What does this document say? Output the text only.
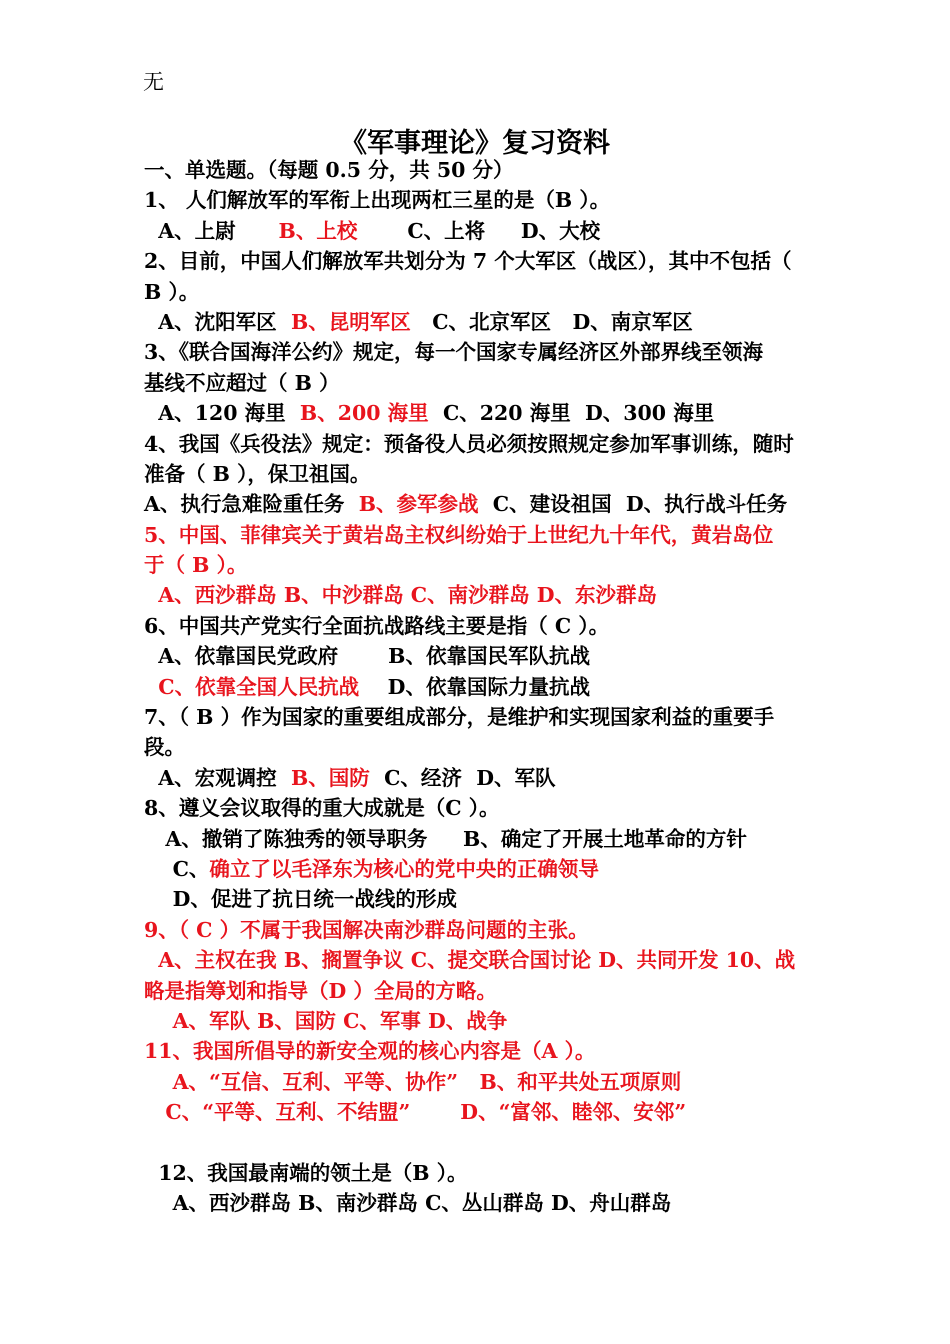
无
《军事理论》复习资料
一、单选题。（每题 0.5 分，共 50 分）
1、 人们解放军的军衔上出现两杠三星的是（B ）。
A、上尉 B、上校 C、上将 D、大校
2、目前，中国人们解放军共划分为 7 个大军区（战区），其中不包括（
B ）。
A、沈阳军区 B、昆明军区 C、北京军区 D、南京军区
3、《联合国海洋公约》规定，每一个国家专属经济区外部界线至领海
基线不应超过（ B ）
A、120 海里 B、200 海里 C、220 海里 D、300 海里
4、我国《兵役法》规定：预备役人员必须按照规定参加军事训练，随时
准备（ B ），保卫祖国。
A、执行急难险重任务 B、参军参战 C、建设祖国 D、执行战斗任务
5、中国、菲律宾关于黄岩岛主权纠纷始于上世纪九十年代，黄岩岛位
于（ B ）。
A、西沙群岛 B、中沙群岛 C、南沙群岛 D、东沙群岛
6、中国共产党实行全面抗战路线主要是指（ C ）。
A、依靠国民党政府 B、依靠国民军队抗战
C、依靠全国人民抗战 D、依靠国际力量抗战
7、（ B ）作为国家的重要组成部分，是维护和实现国家利益的重要手
段。
A、宏观调控 B、国防 C、经济 D、军队
8、遵义会议取得的重大成就是（C ）。
A、撤销了陈独秀的领导职务 B、确定了开展土地革命的方针
C、确立了以毛泽东为核心的党中央的正确领导
D、促进了抗日统一战线的形成
9、（ C ）不属于我国解决南沙群岛问题的主张。
A、主权在我 B、搁置争议 C、提交联合国讨论 D、共同开发 10、战
略是指筹划和指导（D ）全局的方略。
A、军队 B、国防 C、军事 D、战争
11、我国所倡导的新安全观的核心内容是（A ）。
A、“互信、互利、平等、协作” B、和平共处五项原则
C、“平等、互利、不结盟” D、“富邻、睦邻、安邻”
12、我国最南端的领土是（B ）。
A、西沙群岛 B、南沙群岛 C、丛山群岛 D、舟山群岛
